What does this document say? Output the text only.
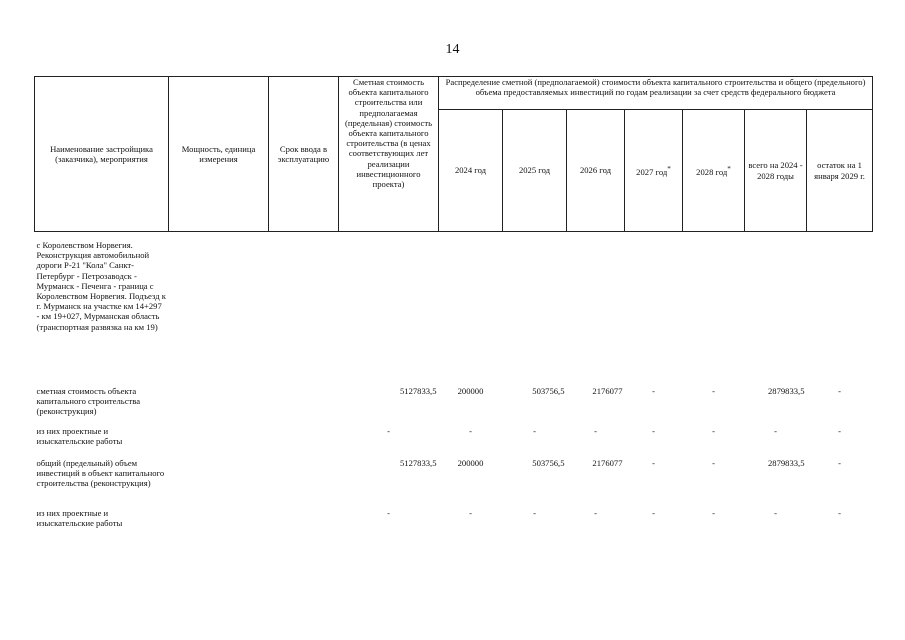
14
Наименование застройщика (заказчика), мероприятия	Мощность, единица измерения	Срок ввода в эксплуатацию	Сметная стоимость объекта капитального строительства или предполагаемая (предельная) стоимость объекта капитального строительства (в ценах соответствующих лет реализации инвестиционного проекта)	Распределение сметной (предполагаемой) стоимости объекта капитального строительства и общего (предельного) объема предоставляемых инвестиций по годам реализации за счет средств федерального бюджета						
				2024 год	2025 год	2026 год	2027 год*	2028 год*	всего на 2024 - 2028 годы	остаток на 1 января 2029 г.

с Королевством Норвегия. Реконструкция автомобильной дороги Р-21 "Кола" Санкт-Петербург - Петрозаводск - Мурманск - Печенга - граница с Королевством Норвегия. Подъезд к г. Мурманск на участке км 14+297 - км 19+027, Мурманская область (транспортная развязка на км 19)										
сметная стоимость объекта капитального строительства (реконструкция)			5127833,5	200000	503756,5	2176077	-	-	2879833,5	-
из них проектные и изыскательские работы			-	-	-	-	-	-	-	-
общий (предельный) объем инвестиций в объект капитального строительства (реконструкция)			5127833,5	200000	503756,5	2176077	-	-	2879833,5	-
из них проектные и изыскательские работы			-	-	-	-	-	-	-	-
